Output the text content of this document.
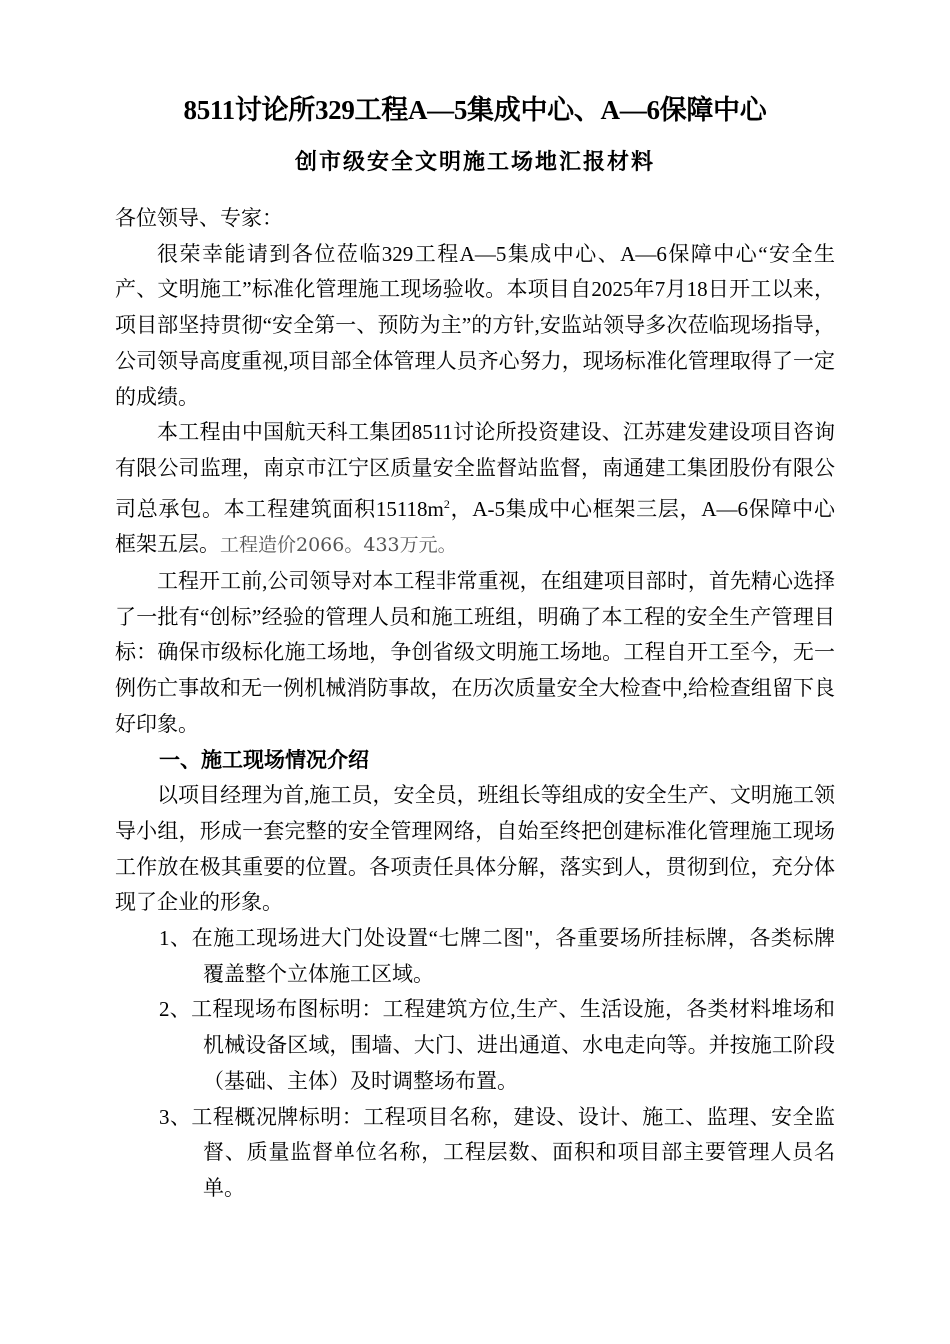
8511讨论所329工程A—5集成中心、A—6保障中心
创市级安全文明施工场地汇报材料

各位领导、专家：

很荣幸能请到各位莅临329工程A—5集成中心、A—6保障中心“安全生产、文明施工”标准化管理施工现场验收。本项目自2025年7月18日开工以来，项目部坚持贯彻“安全第一、预防为主”的方针,安监站领导多次莅临现场指导，公司领导高度重视,项目部全体管理人员齐心努力，现场标准化管理取得了一定的成绩。

本工程由中国航天科工集团8511讨论所投资建设、江苏建发建设项目咨询有限公司监理，南京市江宁区质量安全监督站监督，南通建工集团股份有限公司总承包。本工程建筑面积$15118m^2$，A-5集成中心框架三层，A—6保障中心框架五层。工程造价2066。433万元。

工程开工前,公司领导对本工程非常重视，在组建项目部时，首先精心选择了一批有“创标”经验的管理人员和施工班组，明确了本工程的安全生产管理目标：确保市级标化施工场地，争创省级文明施工场地。工程自开工至今，无一例伤亡事故和无一例机械消防事故，在历次质量安全大检查中,给检查组留下良好印象。

一、施工现场情况介绍

以项目经理为首,施工员，安全员，班组长等组成的安全生产、文明施工领导小组，形成一套完整的安全管理网络，自始至终把创建标准化管理施工现场工作放在极其重要的位置。各项责任具体分解，落实到人，贯彻到位，充分体现了企业的形象。

1、在施工现场进大门处设置“七牌二图"，各重要场所挂标牌，各类标牌覆盖整个立体施工区域。

2、工程现场布图标明：工程建筑方位,生产、生活设施，各类材料堆场和机械设备区域，围墙、大门、进出通道、水电走向等。并按施工阶段（基础、主体）及时调整场布置。

3、工程概况牌标明：工程项目名称，建设、设计、施工、监理、安全监督、质量监督单位名称，工程层数、面积和项目部主要管理人员名单。
